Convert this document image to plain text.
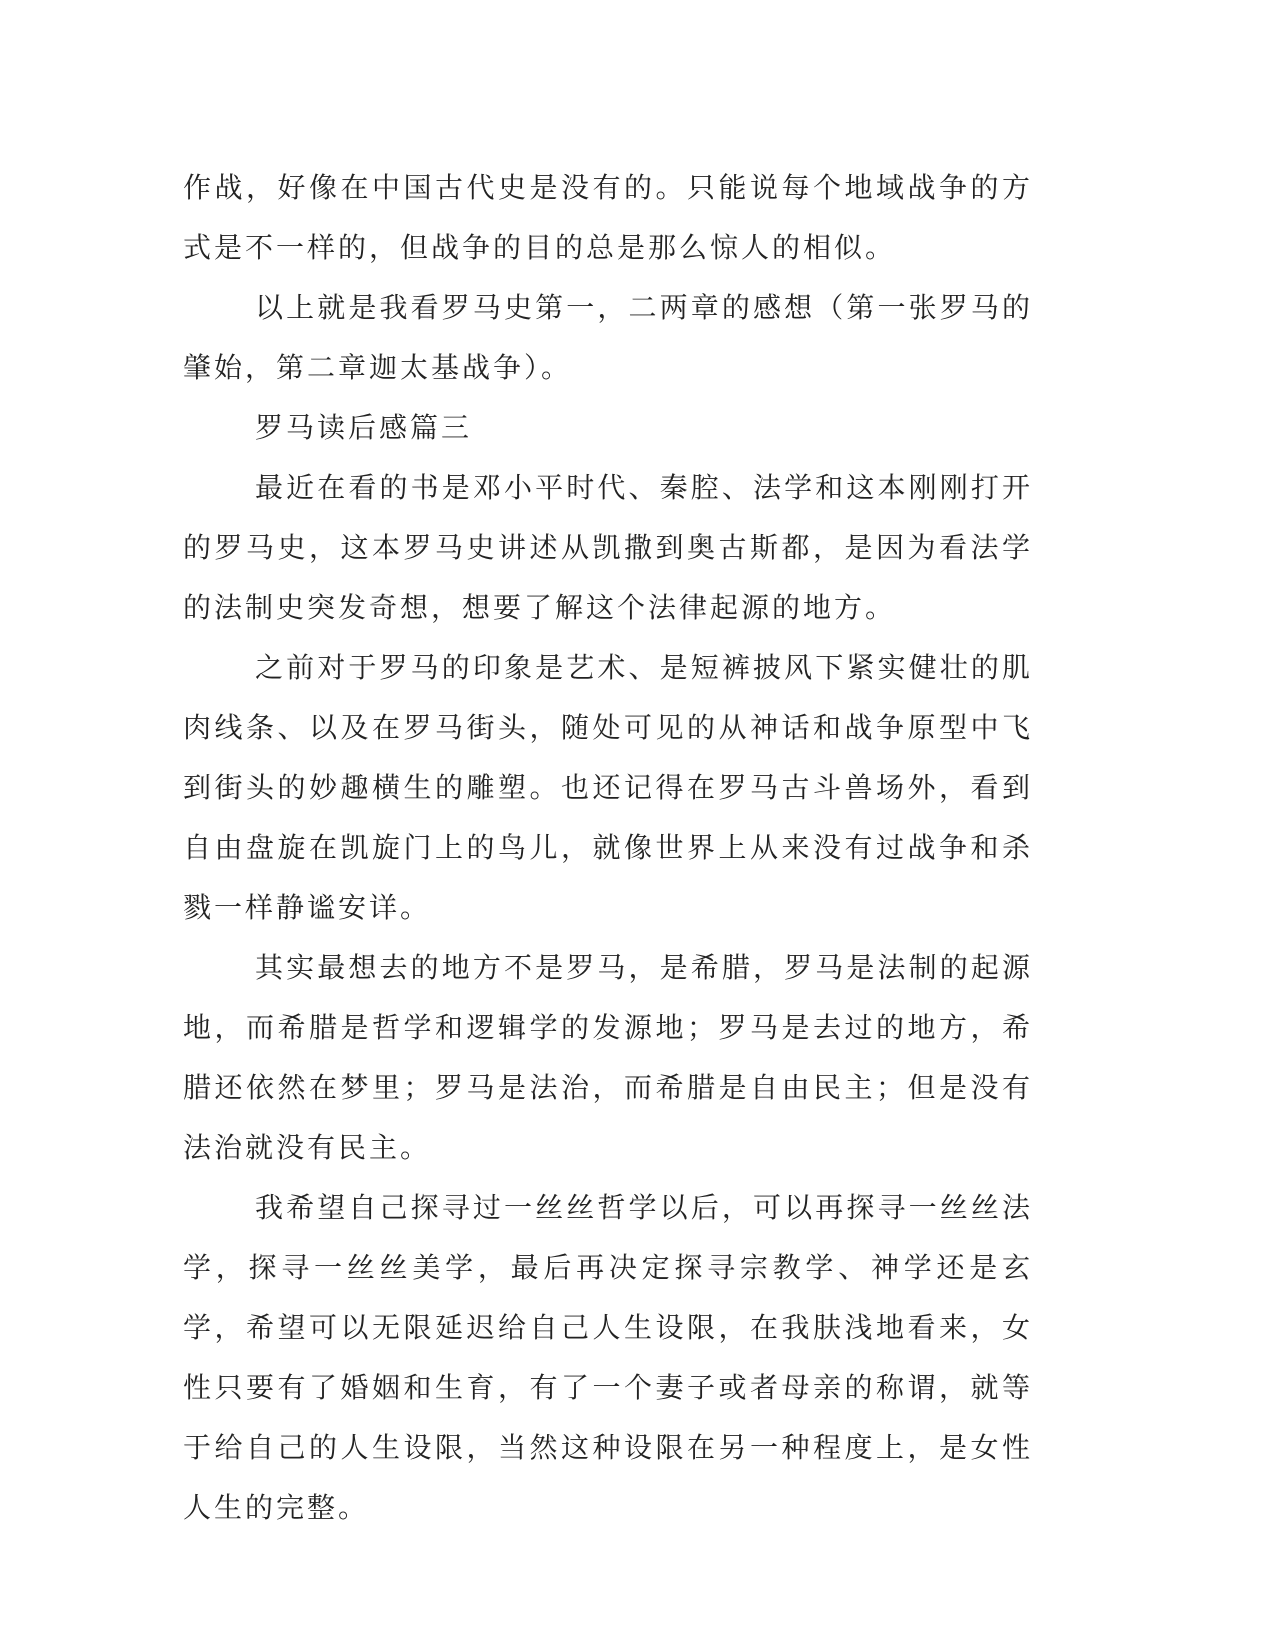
作战，好像在中国古代史是没有的。只能说每个地域战争的方式是不一样的，但战争的目的总是那么惊人的相似。

以上就是我看罗马史第一，二两章的感想（第一张罗马的肇始，第二章迦太基战争）。

罗马读后感篇三

最近在看的书是邓小平时代、秦腔、法学和这本刚刚打开的罗马史，这本罗马史讲述从凯撒到奥古斯都，是因为看法学的法制史突发奇想，想要了解这个法律起源的地方。

之前对于罗马的印象是艺术、是短裤披风下紧实健壮的肌肉线条、以及在罗马街头，随处可见的从神话和战争原型中飞到街头的妙趣横生的雕塑。也还记得在罗马古斗兽场外，看到自由盘旋在凯旋门上的鸟儿，就像世界上从来没有过战争和杀戮一样静谧安详。

其实最想去的地方不是罗马，是希腊，罗马是法制的起源地，而希腊是哲学和逻辑学的发源地；罗马是去过的地方，希腊还依然在梦里；罗马是法治，而希腊是自由民主；但是没有法治就没有民主。

我希望自己探寻过一丝丝哲学以后，可以再探寻一丝丝法学，探寻一丝丝美学，最后再决定探寻宗教学、神学还是玄学，希望可以无限延迟给自己人生设限，在我肤浅地看来，女性只要有了婚姻和生育，有了一个妻子或者母亲的称谓，就等于给自己的人生设限，当然这种设限在另一种程度上，是女性人生的完整。
